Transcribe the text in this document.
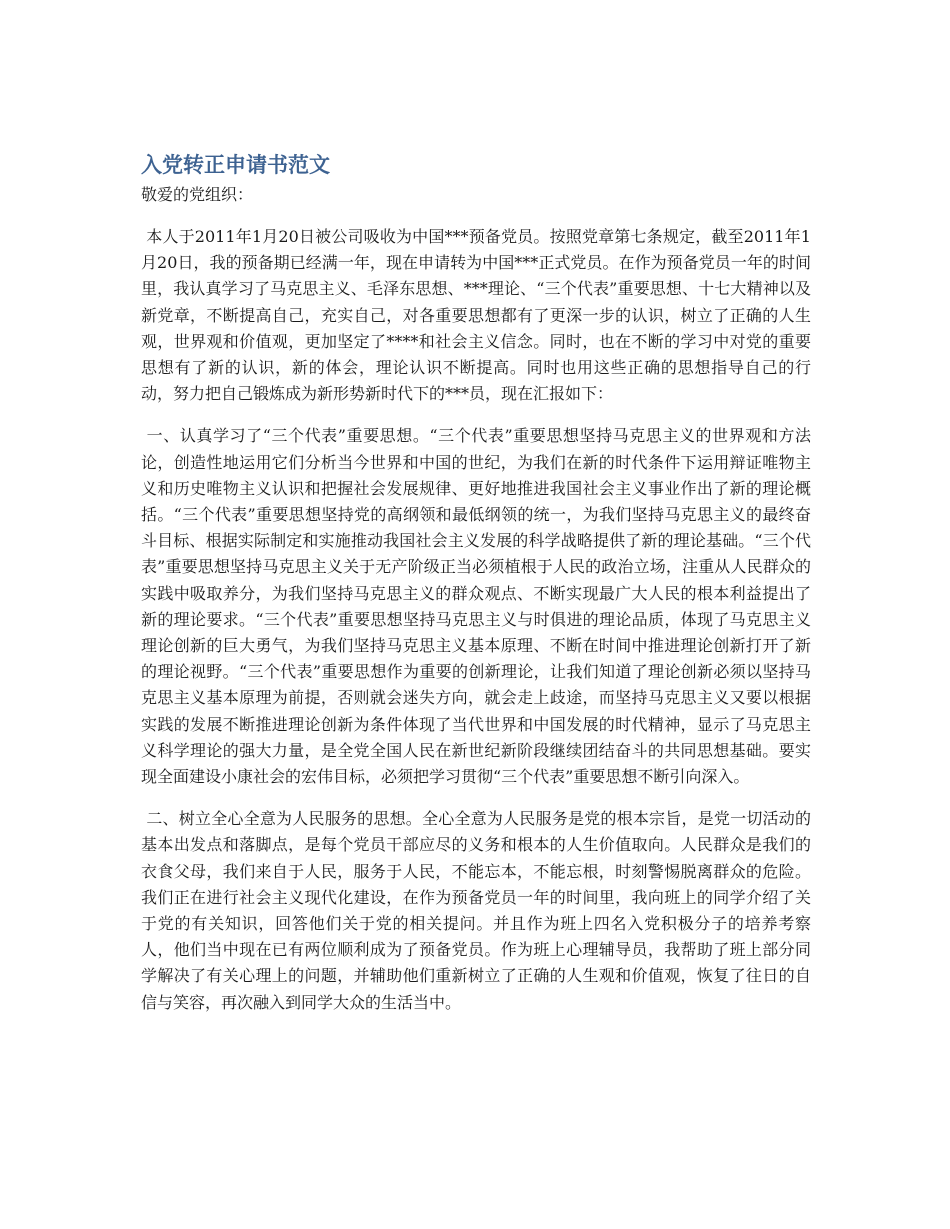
入党转正申请书范文

敬爱的党组织：

本人于2011年1月20日被公司吸收为中国***预备党员。按照党章第七条规定，截至2011年1月20日，我的预备期已经满一年，现在申请转为中国***正式党员。在作为预备党员一年的时间里，我认真学习了马克思主义、毛泽东思想、***理论、“三个代表”重要思想、十七大精神以及新党章，不断提高自己，充实自己，对各重要思想都有了更深一步的认识，树立了正确的人生观，世界观和价值观，更加坚定了****和社会主义信念。同时，也在不断的学习中对党的重要思想有了新的认识，新的体会，理论认识不断提高。同时也用这些正确的思想指导自己的行动，努力把自己锻炼成为新形势新时代下的***员，现在汇报如下：

一、认真学习了“三个代表”重要思想。“三个代表”重要思想坚持马克思主义的世界观和方法论，创造性地运用它们分析当今世界和中国的世纪，为我们在新的时代条件下运用辩证唯物主义和历史唯物主义认识和把握社会发展规律、更好地推进我国社会主义事业作出了新的理论概括。“三个代表”重要思想坚持党的高纲领和最低纲领的统一，为我们坚持马克思主义的最终奋斗目标、根据实际制定和实施推动我国社会主义发展的科学战略提供了新的理论基础。“三个代表”重要思想坚持马克思主义关于无产阶级正当必须植根于人民的政治立场，注重从人民群众的实践中吸取养分，为我们坚持马克思主义的群众观点、不断实现最广大人民的根本利益提出了新的理论要求。“三个代表”重要思想坚持马克思主义与时俱进的理论品质，体现了马克思主义理论创新的巨大勇气，为我们坚持马克思主义基本原理、不断在时间中推进理论创新打开了新的理论视野。“三个代表”重要思想作为重要的创新理论，让我们知道了理论创新必须以坚持马克思主义基本原理为前提，否则就会迷失方向，就会走上歧途，而坚持马克思主义又要以根据实践的发展不断推进理论创新为条件体现了当代世界和中国发展的时代精神，显示了马克思主义科学理论的强大力量，是全党全国人民在新世纪新阶段继续团结奋斗的共同思想基础。要实现全面建设小康社会的宏伟目标，必须把学习贯彻“三个代表”重要思想不断引向深入。

二、树立全心全意为人民服务的思想。全心全意为人民服务是党的根本宗旨，是党一切活动的基本出发点和落脚点，是每个党员干部应尽的义务和根本的人生价值取向。人民群众是我们的衣食父母，我们来自于人民，服务于人民，不能忘本，不能忘根，时刻警惕脱离群众的危险。我们正在进行社会主义现代化建设，在作为预备党员一年的时间里，我向班上的同学介绍了关于党的有关知识，回答他们关于党的相关提问。并且作为班上四名入党积极分子的培养考察人，他们当中现在已有两位顺利成为了预备党员。作为班上心理辅导员，我帮助了班上部分同学解决了有关心理上的问题，并辅助他们重新树立了正确的人生观和价值观，恢复了往日的自信与笑容，再次融入到同学大众的生活当中。
